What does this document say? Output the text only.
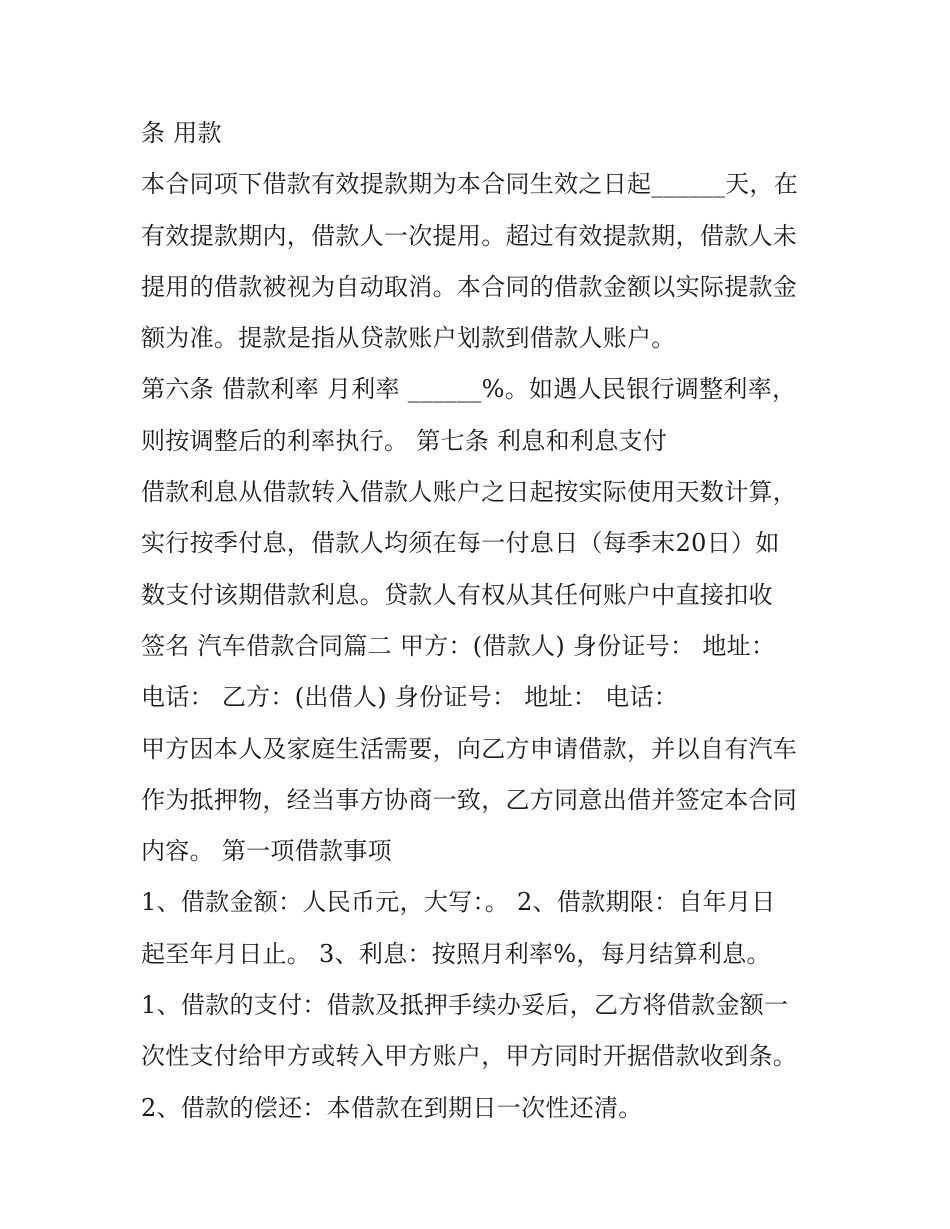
条 用款
本合同项下借款有效提款期为本合同生效之日起______天，在
有效提款期内，借款人一次提用。超过有效提款期，借款人未
提用的借款被视为自动取消。本合同的借款金额以实际提款金
额为准。提款是指从贷款账户划款到借款人账户。
第六条 借款利率 月利率 ______%。如遇人民银行调整利率，
则按调整后的利率执行。 第七条 利息和利息支付
借款利息从借款转入借款人账户之日起按实际使用天数计算，
实行按季付息，借款人均须在每一付息日（每季末20日）如
数支付该期借款利息。贷款人有权从其任何账户中直接扣收
签名 汽车借款合同篇二 甲方：(借款人) 身份证号： 地址：
电话： 乙方：(出借人) 身份证号： 地址： 电话：
甲方因本人及家庭生活需要，向乙方申请借款，并以自有汽车
作为抵押物，经当事方协商一致，乙方同意出借并签定本合同
内容。 第一项借款事项
1、借款金额：人民币元，大写：。 2、借款期限：自年月日
起至年月日止。 3、利息：按照月利率%，每月结算利息。
1、借款的支付：借款及抵押手续办妥后，乙方将借款金额一
次性支付给甲方或转入甲方账户，甲方同时开据借款收到条。
2、借款的偿还：本借款在到期日一次性还清。
